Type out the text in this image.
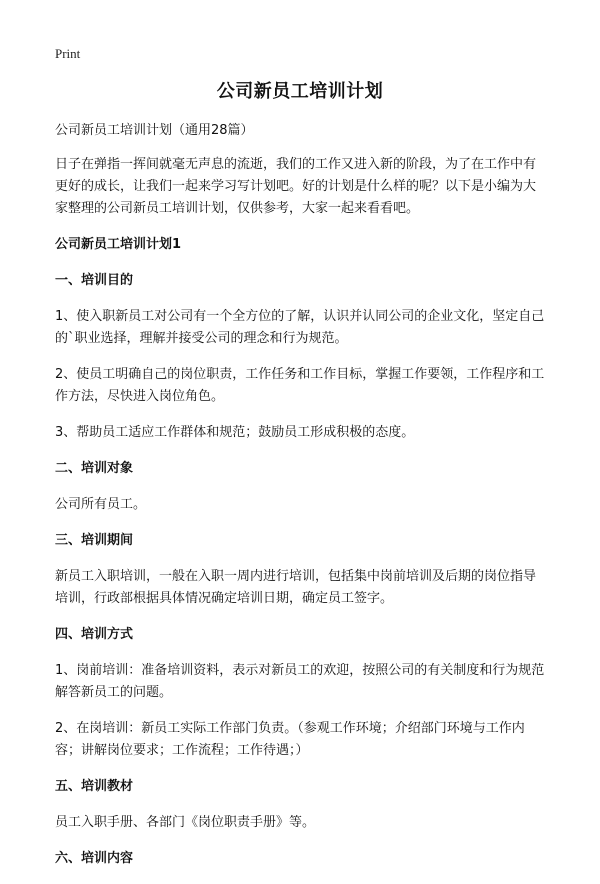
Print
公司新员工培训计划
公司新员工培训计划（通用28篇）
日子在弹指一挥间就毫无声息的流逝，我们的工作又进入新的阶段，为了在工作中有更好的成长，让我们一起来学习写计划吧。好的计划是什么样的呢？以下是小编为大家整理的公司新员工培训计划，仅供参考，大家一起来看看吧。
公司新员工培训计划1
一、培训目的
1、使入职新员工对公司有一个全方位的了解，认识并认同公司的企业文化，坚定自己的`职业选择，理解并接受公司的理念和行为规范。
2、使员工明确自己的岗位职责，工作任务和工作目标，掌握工作要领，工作程序和工作方法，尽快进入岗位角色。
3、帮助员工适应工作群体和规范；鼓励员工形成积极的态度。
二、培训对象
公司所有员工。
三、培训期间
新员工入职培训，一般在入职一周内进行培训，包括集中岗前培训及后期的岗位指导培训，行政部根据具体情况确定培训日期，确定员工签字。
四、培训方式
1、岗前培训：准备培训资料，表示对新员工的欢迎，按照公司的有关制度和行为规范解答新员工的问题。
2、在岗培训：新员工实际工作部门负责。（参观工作环境；介绍部门环境与工作内容；讲解岗位要求；工作流程；工作待遇；）
五、培训教材
员工入职手册、各部门《岗位职责手册》等。
六、培训内容
